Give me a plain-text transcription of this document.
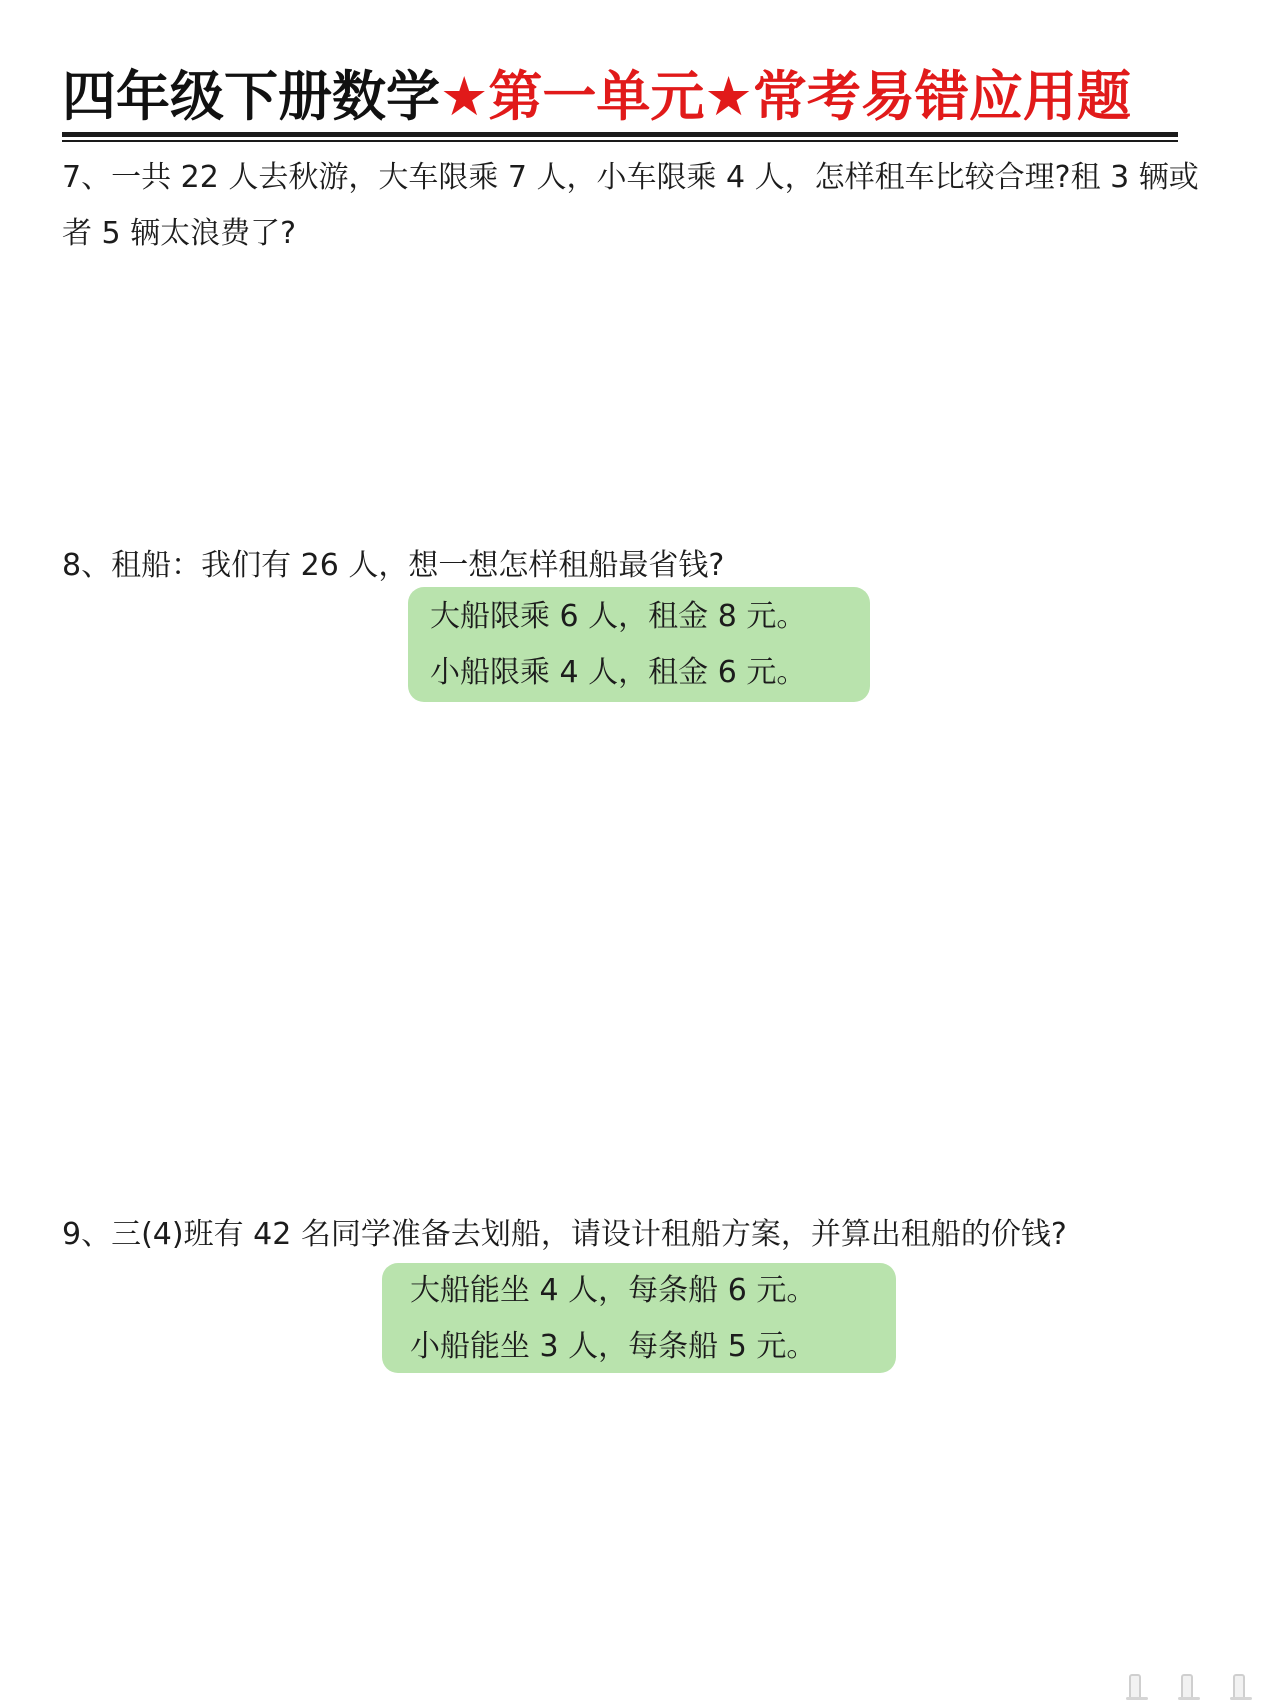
四年级下册数学★第一单元★常考易错应用题
7、一共 22 人去秋游，大车限乘 7 人，小车限乘 4 人，怎样租车比较合理?租 3 辆或者 5 辆太浪费了?
8、租船：我们有 26 人，想一想怎样租船最省钱?
大船限乘 6 人，租金 8 元。
小船限乘 4 人，租金 6 元。
9、三(4)班有 42 名同学准备去划船，请设计租船方案，并算出租船的价钱?
大船能坐 4 人，每条船 6 元。
小船能坐 3 人，每条船 5 元。
